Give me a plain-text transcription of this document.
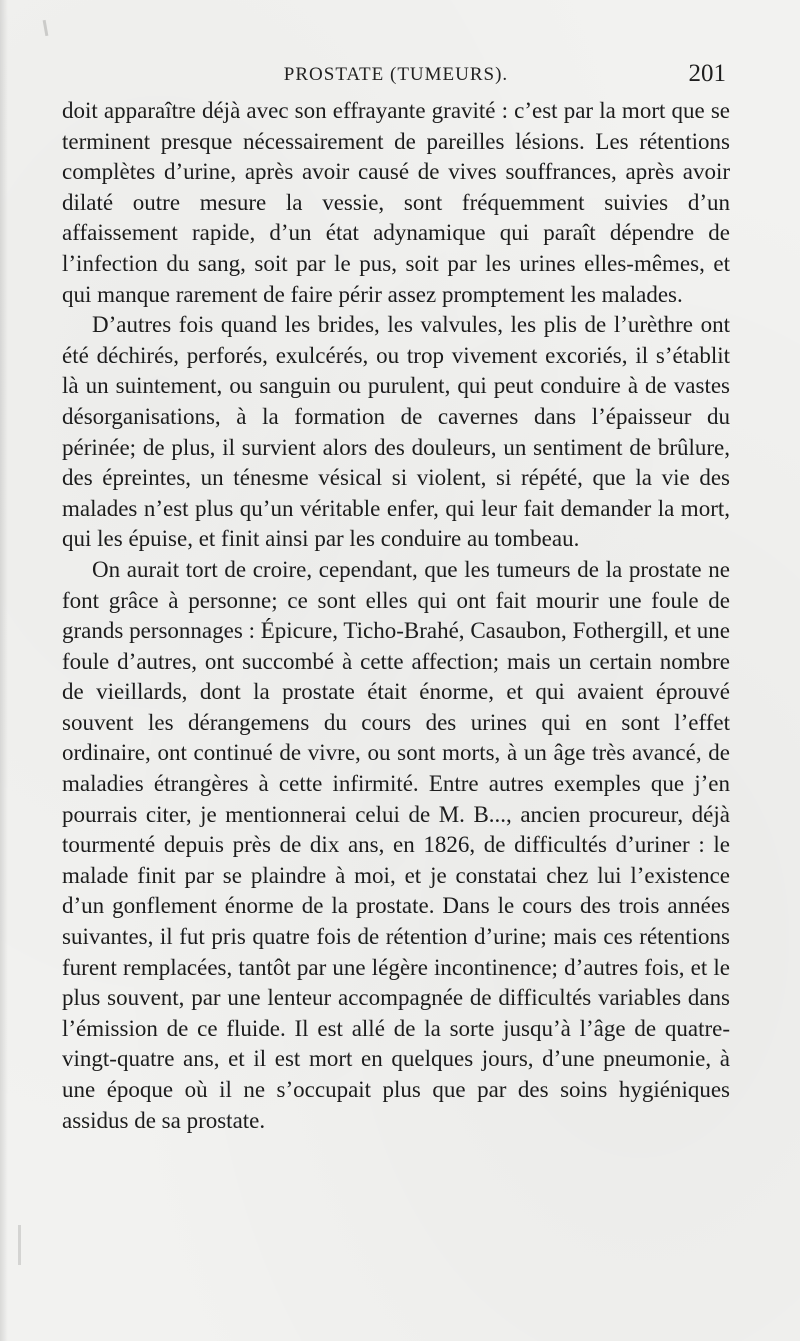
PROSTATE (TUMEURS).	201

doit apparaître déjà avec son effrayante gravité : c’est par la mort que se terminent presque nécessairement de pareilles lésions. Les rétentions complètes d’urine, après avoir causé de vives souffrances, après avoir dilaté outre mesure la vessie, sont fréquemment suivies d’un affaissement rapide, d’un état adynamique qui paraît dépendre de l’infection du sang, soit par le pus, soit par les urines elles-mêmes, et qui manque rarement de faire périr assez promptement les malades.

D’autres fois quand les brides, les valvules, les plis de l’urèthre ont été déchirés, perforés, exulcérés, ou trop vivement excoriés, il s’établit là un suintement, ou sanguin ou purulent, qui peut conduire à de vastes désorganisations, à la formation de cavernes dans l’épaisseur du périnée; de plus, il survient alors des douleurs, un sentiment de brûlure, des épreintes, un ténesme vésical si violent, si répété, que la vie des malades n’est plus qu’un véritable enfer, qui leur fait demander la mort, qui les épuise, et finit ainsi par les conduire au tombeau.

On aurait tort de croire, cependant, que les tumeurs de la prostate ne font grâce à personne; ce sont elles qui ont fait mourir une foule de grands personnages : Épicure, Ticho-Brahé, Casaubon, Fothergill, et une foule d’autres, ont succombé à cette affection; mais un certain nombre de vieillards, dont la prostate était énorme, et qui avaient éprouvé souvent les dérangemens du cours des urines qui en sont l’effet ordinaire, ont continué de vivre, ou sont morts, à un âge très avancé, de maladies étrangères à cette infirmité. Entre autres exemples que j’en pourrais citer, je mentionnerai celui de M. B..., ancien procureur, déjà tourmenté depuis près de dix ans, en 1826, de difficultés d’uriner : le malade finit par se plaindre à moi, et je constatai chez lui l’existence d’un gonflement énorme de la prostate. Dans le cours des trois années suivantes, il fut pris quatre fois de rétention d’urine; mais ces rétentions furent remplacées, tantôt par une légère incontinence; d’autres fois, et le plus souvent, par une lenteur accompagnée de difficultés variables dans l’émission de ce fluide. Il est allé de la sorte jusqu’à l’âge de quatre-vingt-quatre ans, et il est mort en quelques jours, d’une pneumonie, à une époque où il ne s’occupait plus que par des soins hygiéniques assidus de sa prostate.
